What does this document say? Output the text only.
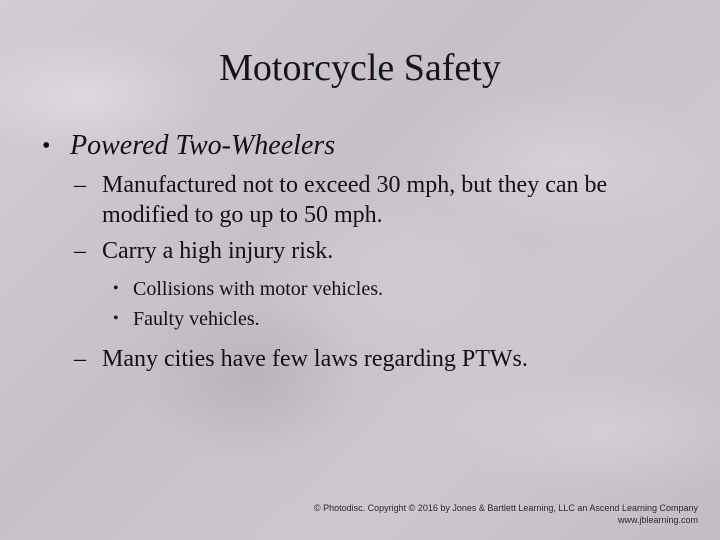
Motorcycle Safety
• Powered Two-Wheelers
– Manufactured not to exceed 30 mph, but they can be modified to go up to 50 mph.
– Carry a high injury risk.
• Collisions with motor vehicles.
• Faulty vehicles.
– Many cities have few laws regarding PTWs.
© Photodisc. Copyright © 2016 by Jones & Bartlett Learning, LLC an Ascend Learning Company
www.jblearning.com
